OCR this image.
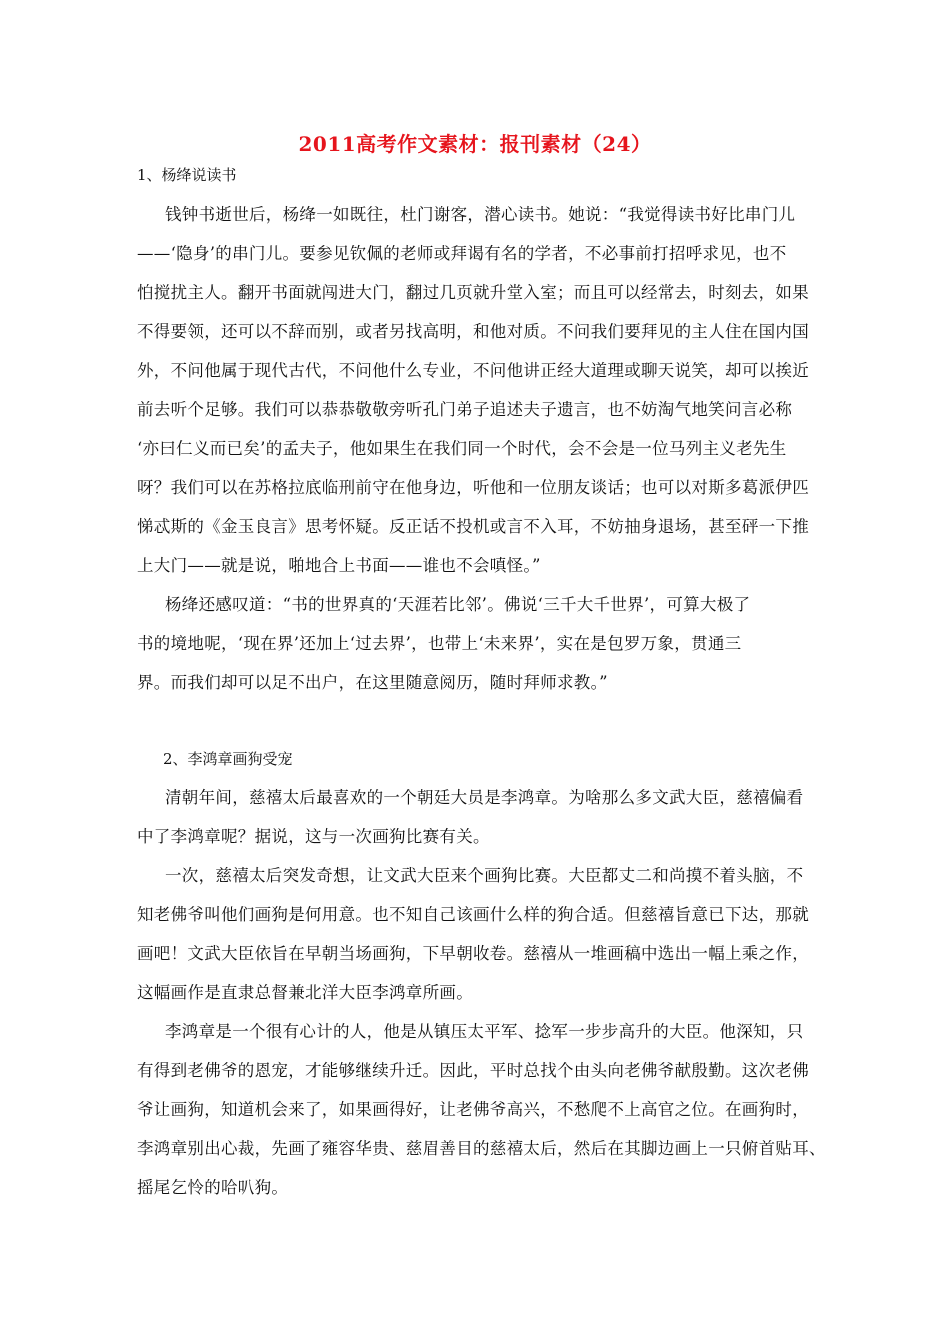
2011高考作文素材：报刊素材（24）
1、杨绛说读书
钱钟书逝世后，杨绛一如既往，杜门谢客，潜心读书。她说：“我觉得读书好比串门儿
——‘隐身’的串门儿。要参见钦佩的老师或拜谒有名的学者，不必事前打招呼求见，也不
怕搅扰主人。翻开书面就闯进大门，翻过几页就升堂入室；而且可以经常去，时刻去，如果
不得要领，还可以不辞而别，或者另找高明，和他对质。不问我们要拜见的主人住在国内国
外，不问他属于现代古代，不问他什么专业，不问他讲正经大道理或聊天说笑，却可以挨近
前去听个足够。我们可以恭恭敬敬旁听孔门弟子追述夫子遗言，也不妨淘气地笑问言必称
‘亦曰仁义而已矣’的孟夫子，他如果生在我们同一个时代，会不会是一位马列主义老先生
呀？我们可以在苏格拉底临刑前守在他身边，听他和一位朋友谈话；也可以对斯多葛派伊匹
悌忒斯的《金玉良言》思考怀疑。反正话不投机或言不入耳，不妨抽身退场，甚至砰一下推
上大门——就是说，啪地合上书面——谁也不会嗔怪。”
杨绛还感叹道：“书的世界真的‘天涯若比邻’。佛说‘三千大千世界’，可算大极了
书的境地呢，‘现在界’还加上‘过去界’，也带上‘未来界’，实在是包罗万象，贯通三
界。而我们却可以足不出户，在这里随意阅历，随时拜师求教。”
2、李鸿章画狗受宠
清朝年间，慈禧太后最喜欢的一个朝廷大员是李鸿章。为啥那么多文武大臣，慈禧偏看
中了李鸿章呢？据说，这与一次画狗比赛有关。
一次，慈禧太后突发奇想，让文武大臣来个画狗比赛。大臣都丈二和尚摸不着头脑，不
知老佛爷叫他们画狗是何用意。也不知自己该画什么样的狗合适。但慈禧旨意已下达，那就
画吧！文武大臣依旨在早朝当场画狗，下早朝收卷。慈禧从一堆画稿中选出一幅上乘之作，
这幅画作是直隶总督兼北洋大臣李鸿章所画。
李鸿章是一个很有心计的人，他是从镇压太平军、捻军一步步高升的大臣。他深知，只
有得到老佛爷的恩宠，才能够继续升迁。因此，平时总找个由头向老佛爷献殷勤。这次老佛
爷让画狗，知道机会来了，如果画得好，让老佛爷高兴，不愁爬不上高官之位。在画狗时，
李鸿章别出心裁，先画了雍容华贵、慈眉善目的慈禧太后，然后在其脚边画上一只俯首贴耳、
摇尾乞怜的哈叭狗。
